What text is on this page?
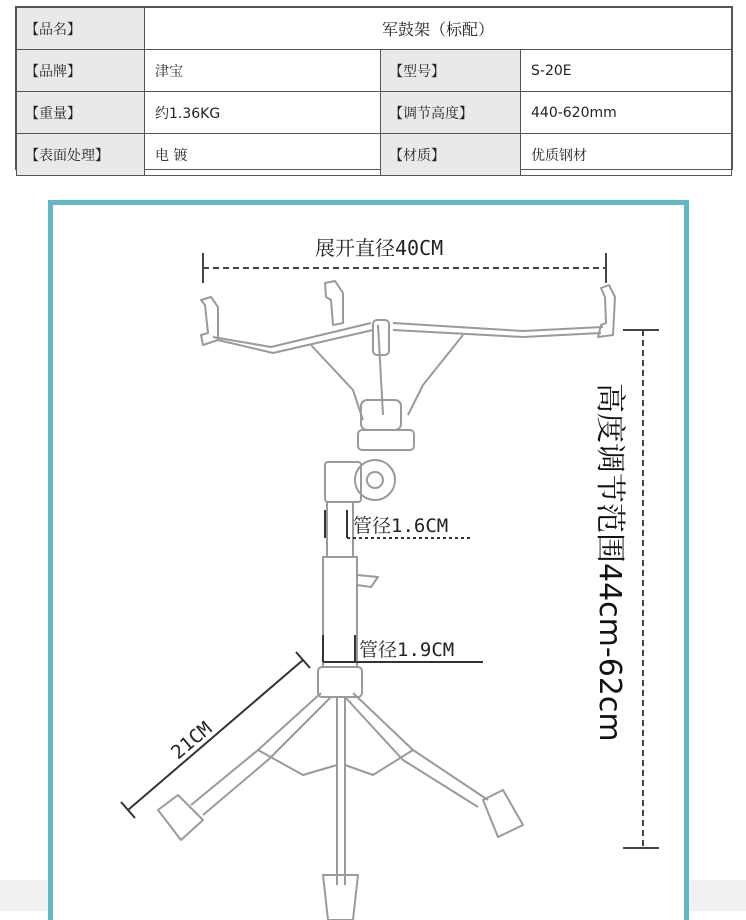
【品名】	军鼓架（标配）		
【品牌】	津宝	【型号】	S-20E
【重量】	约1.36KG	【调节高度】	440-620mm
【表面处理】	电 镀	【材质】	优质钢材
展开直径40CM
高度调节范围44cm-62cm
管径1.6CM
管径1.9CM
21CM
